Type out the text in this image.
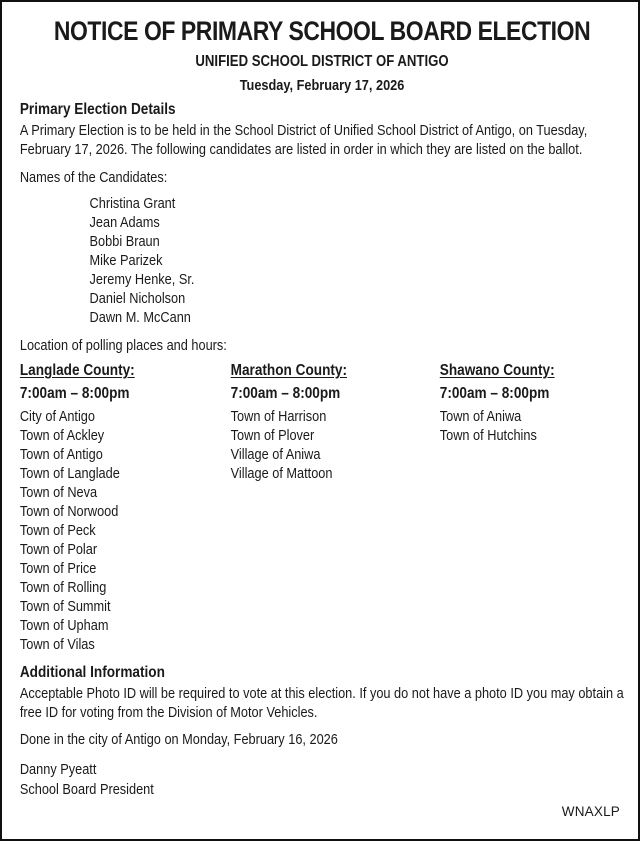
NOTICE OF PRIMARY SCHOOL BOARD ELECTION
UNIFIED SCHOOL DISTRICT OF ANTIGO
Tuesday, February 17, 2026
Primary Election Details
A Primary Election is to be held in the School District of Unified School District of Antigo, on Tuesday, February 17, 2026. The following candidates are listed in order in which they are listed on the ballot.
Names of the Candidates:
Christina Grant
Jean Adams
Bobbi Braun
Mike Parizek
Jeremy Henke, Sr.
Daniel Nicholson
Dawn M. McCann
Location of polling places and hours:
Langlade County:
7:00am – 8:00pm
City of Antigo
Town of Ackley
Town of Antigo
Town of Langlade
Town of Neva
Town of Norwood
Town of Peck
Town of Polar
Town of Price
Town of Rolling
Town of Summit
Town of Upham
Town of Vilas
Marathon County:
7:00am – 8:00pm
Town of Harrison
Town of Plover
Village of Aniwa
Village of Mattoon
Shawano County:
7:00am – 8:00pm
Town of Aniwa
Town of Hutchins
Additional Information
Acceptable Photo ID will be required to vote at this election. If you do not have a photo ID you may obtain a free ID for voting from the Division of Motor Vehicles.
Done in the city of Antigo on Monday, February 16, 2026
Danny Pyeatt
School Board President
WNAXLP
